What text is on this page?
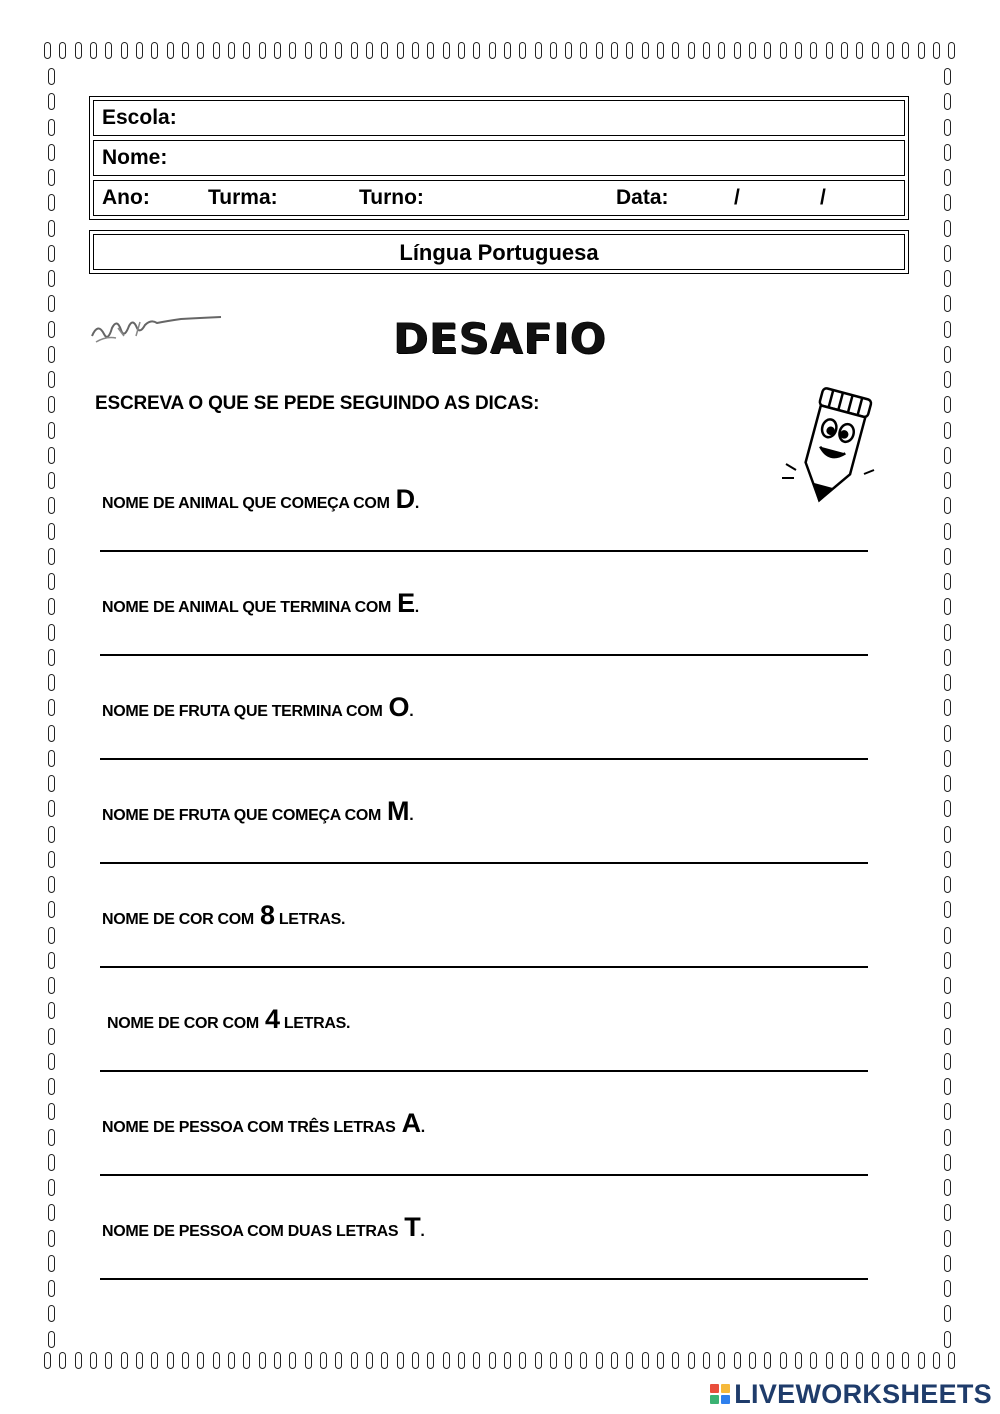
Escola:
Nome:
Ano:	Turma:	Turno:	Data:	/	/
Língua Portuguesa
DESAFIO
ESCREVA O QUE SE PEDE SEGUINDO AS DICAS:
NOME DE ANIMAL QUE COMEÇA COM D.
NOME DE ANIMAL QUE TERMINA COM E.
NOME DE FRUTA QUE TERMINA COM O.
NOME DE FRUTA QUE COMEÇA COM M.
NOME DE COR COM 8 LETRAS.
NOME DE COR COM 4 LETRAS.
NOME DE PESSOA COM TRÊS LETRAS A.
NOME DE PESSOA COM DUAS LETRAS T.
LIVEWORKSHEETS
